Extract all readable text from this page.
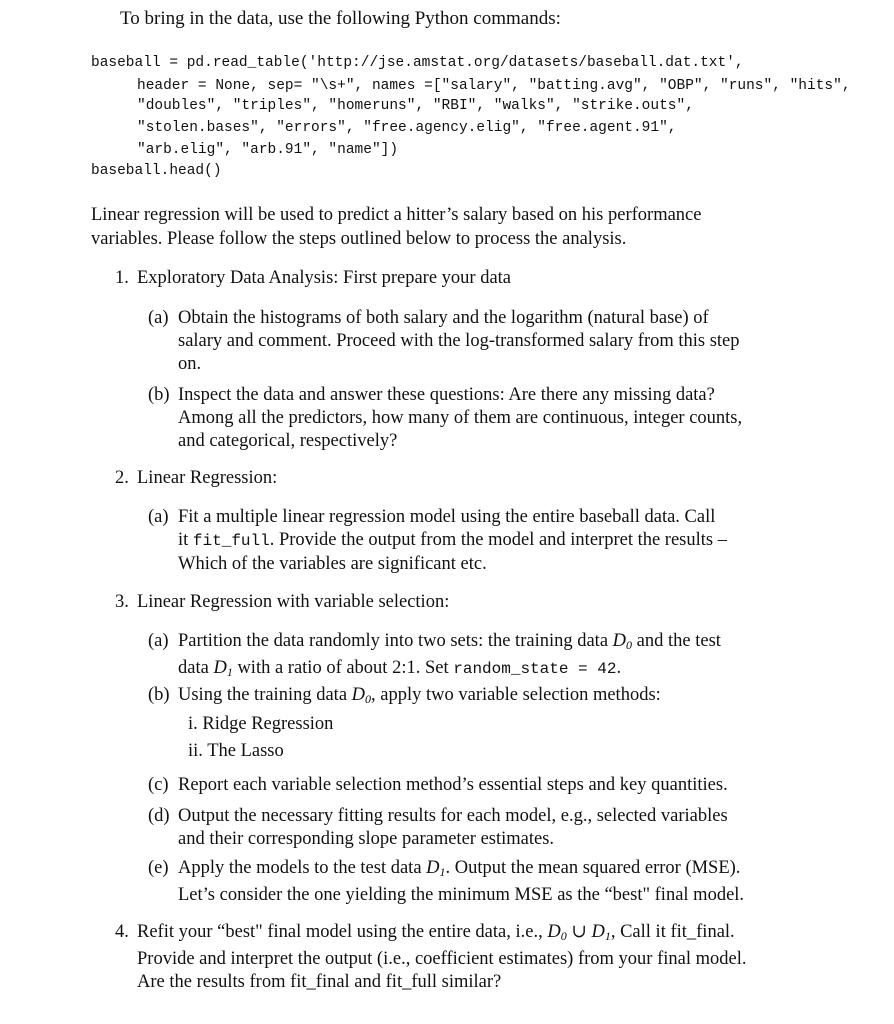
To bring in the data, use the following Python commands:
baseball = pd.read_table('http://jse.amstat.org/datasets/baseball.dat.txt',
header = None, sep= "\s+", names =["salary", "batting.avg", "OBP", "runs", "hits",
"doubles", "triples", "homeruns", "RBI", "walks", "strike.outs",
"stolen.bases", "errors", "free.agency.elig", "free.agent.91",
"arb.elig", "arb.91", "name"])
baseball.head()
Linear regression will be used to predict a hitter’s salary based on his performance
variables. Please follow the steps outlined below to process the analysis.
1. Exploratory Data Analysis: First prepare your data
(a) Obtain the histograms of both salary and the logarithm (natural base) of
salary and comment. Proceed with the log-transformed salary from this step
on.
(b) Inspect the data and answer these questions: Are there any missing data?
Among all the predictors, how many of them are continuous, integer counts,
and categorical, respectively?
2. Linear Regression:
(a) Fit a multiple linear regression model using the entire baseball data. Call
it fit_full. Provide the output from the model and interpret the results –
Which of the variables are significant etc.
3. Linear Regression with variable selection:
(a) Partition the data randomly into two sets: the training data $D_0$ and the test
data $D_1$ with a ratio of about 2:1. Set random_state = 42.
(b) Using the training data $D_0$, apply two variable selection methods:
i. Ridge Regression
ii. The Lasso
(c) Report each variable selection method’s essential steps and key quantities.
(d) Output the necessary fitting results for each model, e.g., selected variables
and their corresponding slope parameter estimates.
(e) Apply the models to the test data $D_1$. Output the mean squared error (MSE).
Let’s consider the one yielding the minimum MSE as the “best" final model.
4. Refit your “best" final model using the entire data, i.e., $D_0$ ∪ $D_1$, Call it fit_final.
Provide and interpret the output (i.e., coefficient estimates) from your final model.
Are the results from fit_final and fit_full similar?
